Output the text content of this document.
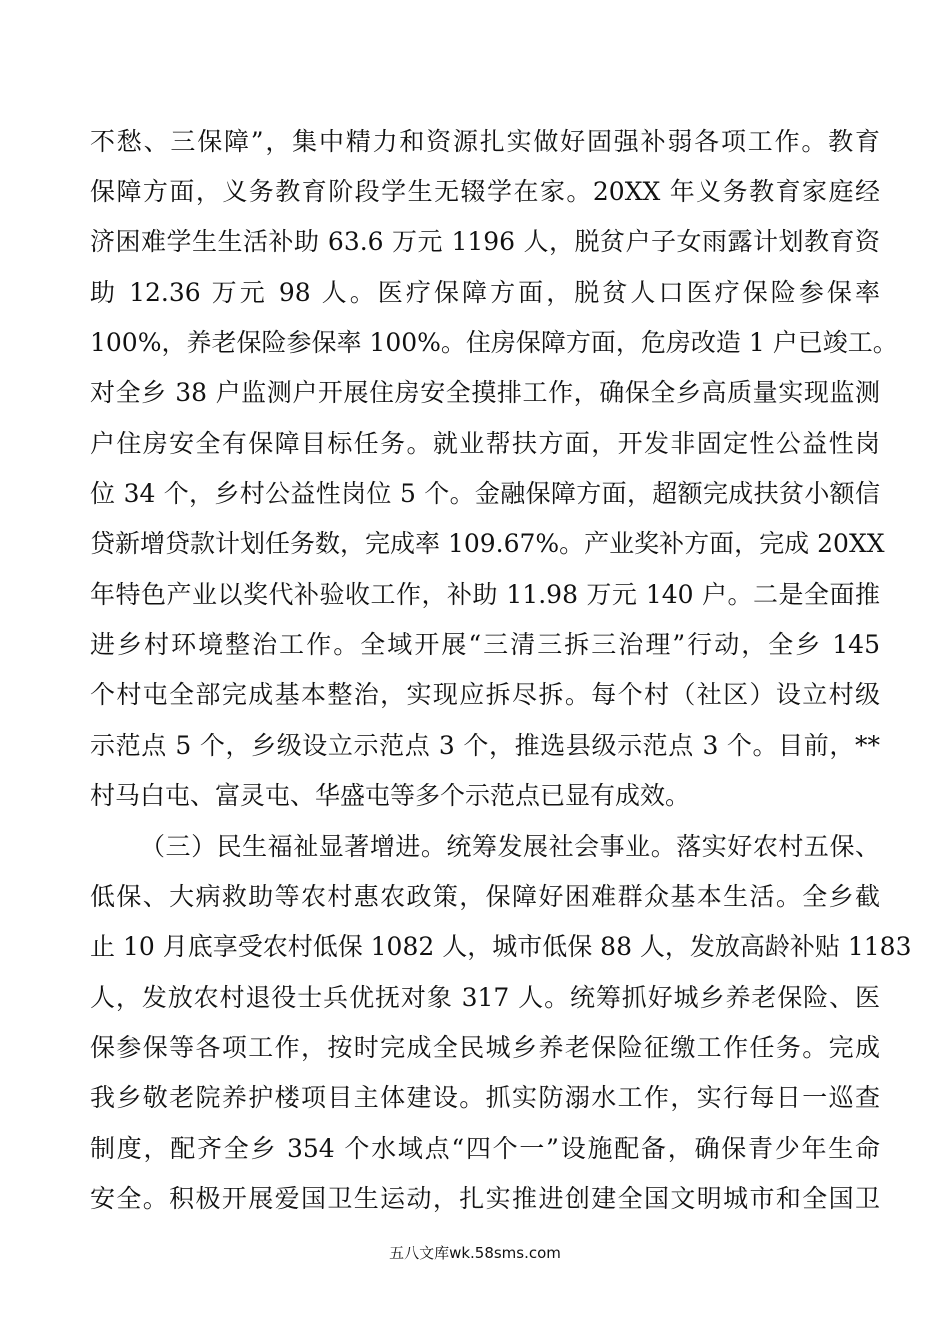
不愁、三保障”，集中精力和资源扎实做好固强补弱各项工作。教育
保障方面，义务教育阶段学生无辍学在家。20XX 年义务教育家庭经
济困难学生生活补助 63.6 万元 1196 人，脱贫户子女雨露计划教育资
助 12.36 万元 98 人。医疗保障方面，脱贫人口医疗保险参保率
100%，养老保险参保率 100%。住房保障方面，危房改造 1 户已竣工。
对全乡 38 户监测户开展住房安全摸排工作，确保全乡高质量实现监测
户住房安全有保障目标任务。就业帮扶方面，开发非固定性公益性岗
位 34 个，乡村公益性岗位 5 个。金融保障方面，超额完成扶贫小额信
贷新增贷款计划任务数，完成率 109.67%。产业奖补方面，完成 20XX
年特色产业以奖代补验收工作，补助 11.98 万元 140 户。二是全面推
进乡村环境整治工作。全域开展“三清三拆三治理”行动，全乡 145
个村屯全部完成基本整治，实现应拆尽拆。每个村（社区）设立村级
示范点 5 个，乡级设立示范点 3 个，推选县级示范点 3 个。目前，**
村马白屯、富灵屯、华盛屯等多个示范点已显有成效。
（三）民生福祉显著增进。统筹发展社会事业。落实好农村五保、
低保、大病救助等农村惠农政策，保障好困难群众基本生活。全乡截
止 10 月底享受农村低保 1082 人，城市低保 88 人，发放高龄补贴 1183
人，发放农村退役士兵优抚对象 317 人。统筹抓好城乡养老保险、医
保参保等各项工作，按时完成全民城乡养老保险征缴工作任务。完成
我乡敬老院养护楼项目主体建设。抓实防溺水工作，实行每日一巡查
制度，配齐全乡 354 个水域点“四个一”设施配备，确保青少年生命
安全。积极开展爱国卫生运动，扎实推进创建全国文明城市和全国卫
五八文库wk.58sms.com
